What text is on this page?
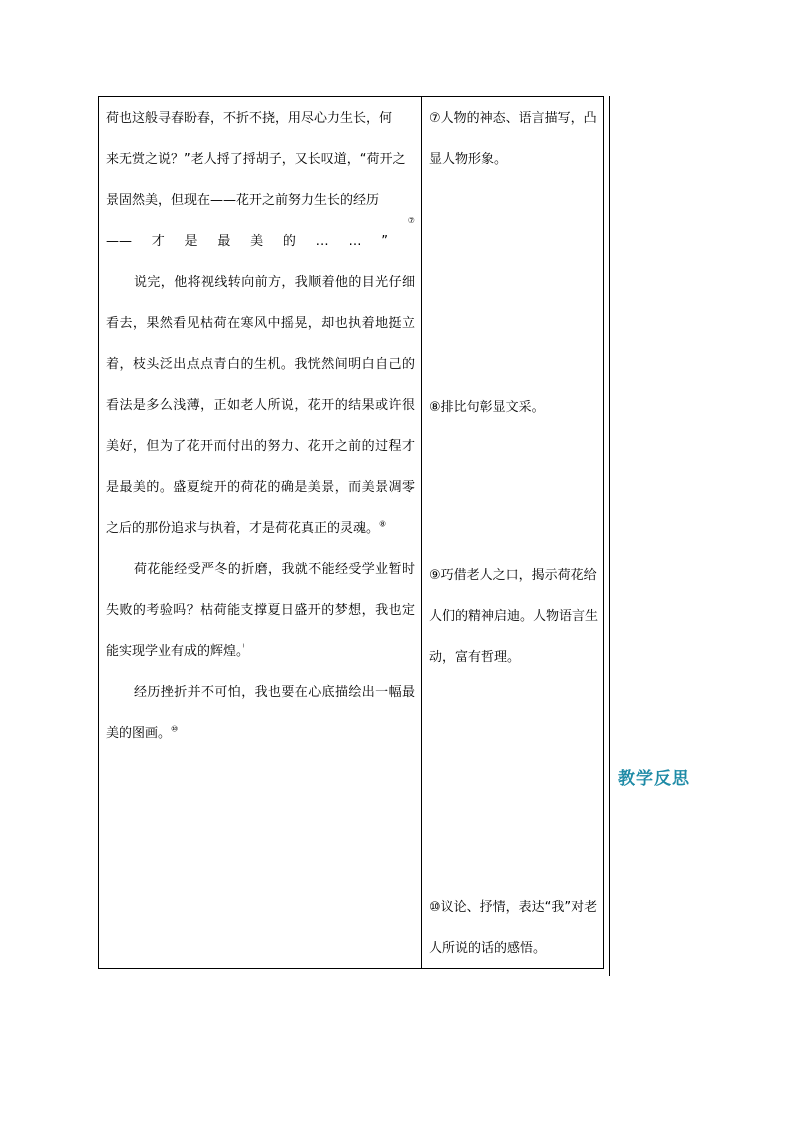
荷也这般寻春盼春，不折不挠，用尽心力生长，何

来无赏之说？”老人捋了捋胡子，又长叹道，“荷开之

景固然美，但现在——花开之前努力生长的经历

—— 才 是 最 美 的 … … ”
⑦

说完，他将视线转向前方，我顺着他的目光仔细看去，果然看见枯荷在寒风中摇晃，却也执着地挺立着，枝头泛出点点青白的生机。我恍然间明白自己的看法是多么浅薄，正如老人所说，花开的结果或许很美好，但为了花开而付出的努力、花开之前的过程才是最美的。盛夏绽开的荷花的确是美景，而美景凋零之后的那份追求与执着，才是荷花真正的灵魂。⑧

荷花能经受严冬的折磨，我就不能经受学业暂时失败的考验吗？枯荷能支撑夏日盛开的梦想，我也定能实现学业有成的辉煌。⁾

经历挫折并不可怕，我也要在心底描绘出一幅最美的图画。⑩

⑦人物的神态、语言描写，凸显人物形象。
⑧排比句彰显文采。
⑨巧借老人之口，揭示荷花给人们的精神启迪。人物语言生动，富有哲理。
⑩议论、抒情，表达“我”对老人所说的话的感悟。
教学反思
